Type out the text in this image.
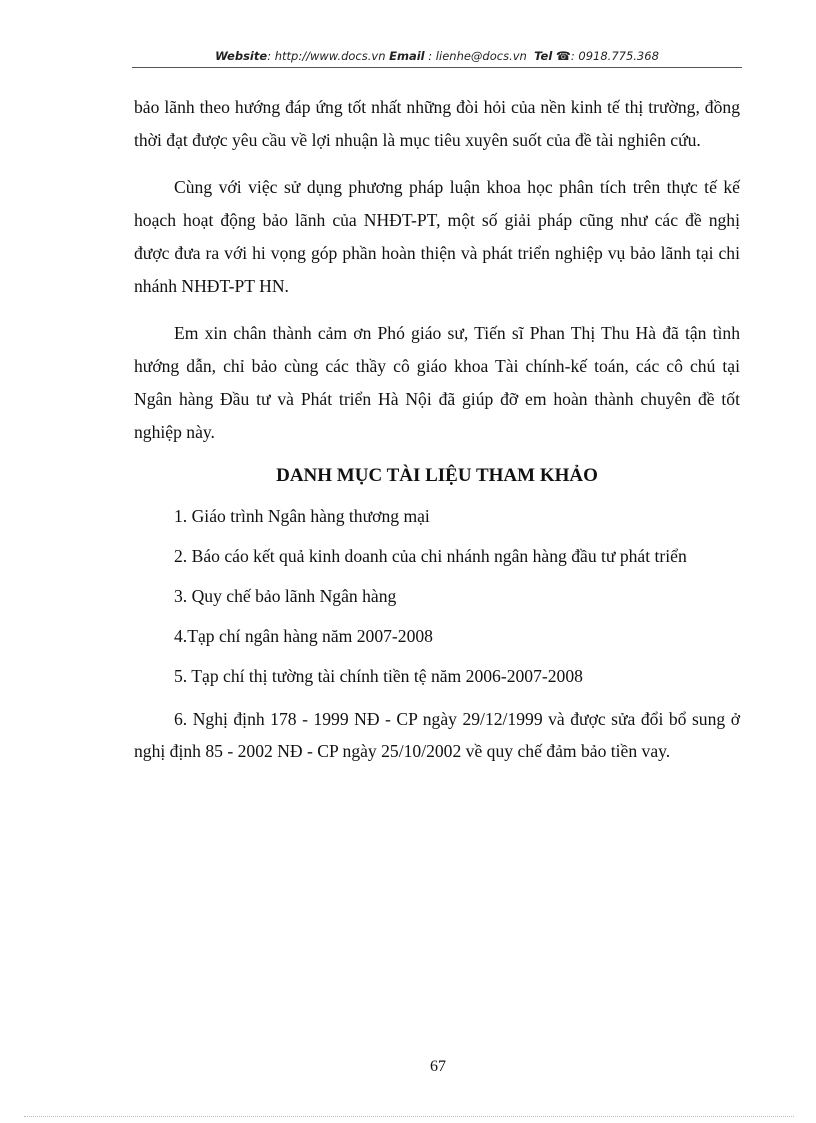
Website: http://www.docs.vn Email : lienhe@docs.vn Tel ☎: 0918.775.368

bảo lãnh theo hướng đáp ứng tốt nhất những đòi hỏi của nền kinh tế thị trường, đồng thời đạt được yêu cầu về lợi nhuận là mục tiêu xuyên suốt của đề tài nghiên cứu.

Cùng với việc sử dụng phương pháp luận khoa học phân tích trên thực tế kế hoạch hoạt động bảo lãnh của NHĐT-PT, một số giải pháp cũng như các đề nghị được đưa ra với hi vọng góp phần hoàn thiện và phát triển nghiệp vụ bảo lãnh tại chi nhánh NHĐT-PT HN.

Em xin chân thành cảm ơn Phó giáo sư, Tiến sĩ Phan Thị Thu Hà đã tận tình hướng dẫn, chỉ bảo cùng các thầy cô giáo khoa Tài chính-kế toán, các cô chú tại Ngân hàng Đầu tư và Phát triển Hà Nội đã giúp đỡ em hoàn thành chuyên đề tốt nghiệp này.

DANH MỤC TÀI LIỆU THAM KHẢO
1. Giáo trình Ngân hàng thương mại
2. Báo cáo kết quả kinh doanh của chi nhánh ngân hàng đầu tư phát triển
3. Quy chế bảo lãnh Ngân hàng
4.Tạp chí ngân hàng năm 2007-2008
5. Tạp chí thị tường tài chính tiền tệ năm 2006-2007-2008
6. Nghị định 178 - 1999 NĐ - CP ngày 29/12/1999 và được sửa đổi bổ sung ở nghị định 85 - 2002 NĐ - CP ngày 25/10/2002 về quy chế đảm bảo tiền vay.
67
